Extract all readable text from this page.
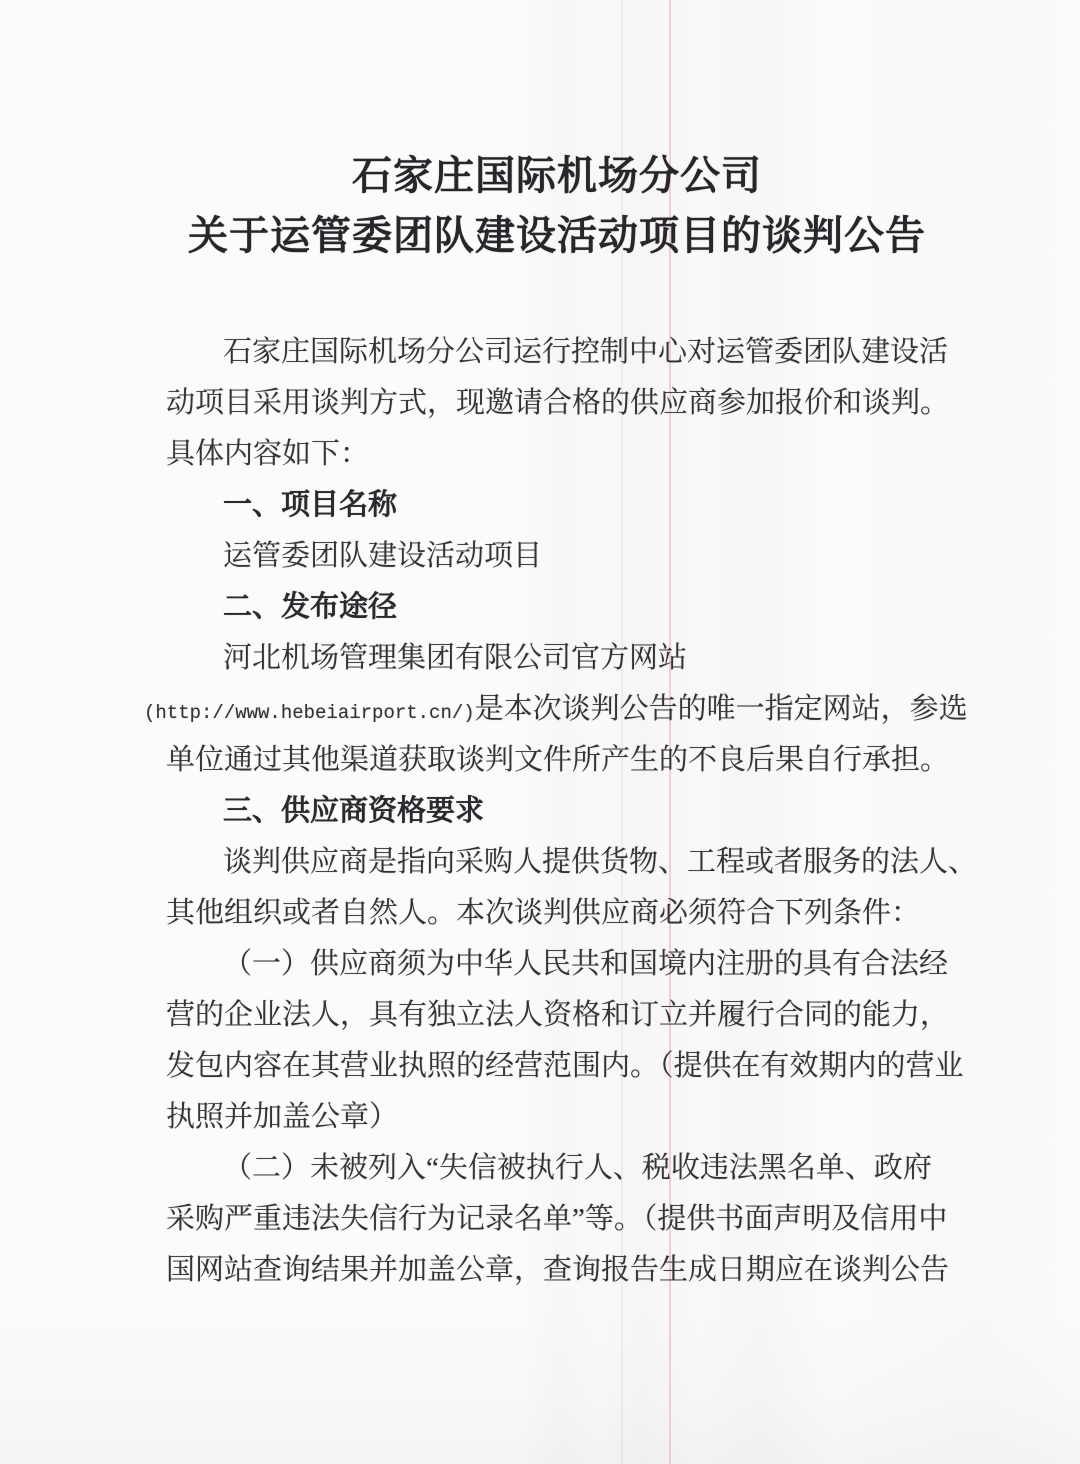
石家庄国际机场分公司
关于运管委团队建设活动项目的谈判公告
石家庄国际机场分公司运行控制中心对运管委团队建设活
动项目采用谈判方式，现邀请合格的供应商参加报价和谈判。
具体内容如下：
一、项目名称
运管委团队建设活动项目
二、发布途径
河北机场管理集团有限公司官方网站
(http://www.hebeiairport.cn/)是本次谈判公告的唯一指定网站，参选
单位通过其他渠道获取谈判文件所产生的不良后果自行承担。
三、供应商资格要求
谈判供应商是指向采购人提供货物、工程或者服务的法人、
其他组织或者自然人。本次谈判供应商必须符合下列条件：
（一）供应商须为中华人民共和国境内注册的具有合法经
营的企业法人，具有独立法人资格和订立并履行合同的能力，
发包内容在其营业执照的经营范围内。（提供在有效期内的营业
执照并加盖公章）
（二）未被列入“失信被执行人、税收违法黑名单、政府
采购严重违法失信行为记录名单”等。（提供书面声明及信用中
国网站查询结果并加盖公章，查询报告生成日期应在谈判公告
